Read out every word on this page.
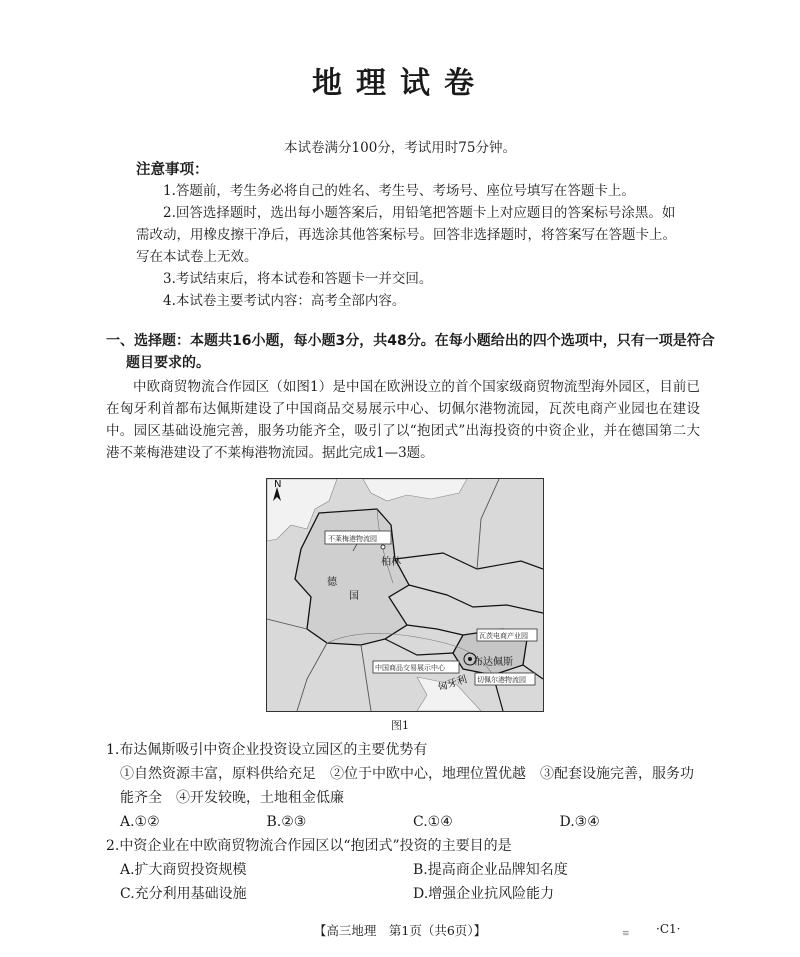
地理试卷
本试卷满分100分，考试用时75分钟。
注意事项：

1.答题前，考生务必将自己的姓名、考生号、考场号、座位号填写在答题卡上。

2.回答选择题时，选出每小题答案后，用铅笔把答题卡上对应题目的答案标号涂黑。如需改动，用橡皮擦干净后，再选涂其他答案标号。回答非选择题时，将答案写在答题卡上。写在本试卷上无效。

3.考试结束后，将本试卷和答题卡一并交回。

4.本试卷主要考试内容：高考全部内容。

一、选择题：本题共16小题，每小题3分，共48分。在每小题给出的四个选项中，只有一项是符合题目要求的。
中欧商贸物流合作园区（如图1）是中国在欧洲设立的首个国家级商贸物流型海外园区，目前已在匈牙利首都布达佩斯建设了中国商品交易展示中心、切佩尔港物流园，瓦茨电商产业园也在建设中。园区基础设施完善，服务功能齐全，吸引了以“抱团式”出海投资的中资企业，并在德国第二大港不莱梅港建设了不莱梅港物流园。据此完成1—3题。
N
不莱梅港物流园
柏林
德
国
瓦茨电商产业园
中国商品交易展示中心	布达佩斯
切佩尔港物流园
匈牙利
图1

1.布达佩斯吸引中资企业投资设立园区的主要优势有

①自然资源丰富，原料供给充足　②位于中欧中心，地理位置优越　③配套设施完善，服务功能齐全　④开发较晚，土地租金低廉

A.①②	B.②③	C.①④	D.③④

2.中资企业在中欧商贸物流合作园区以“抱团式”投资的主要目的是

A.扩大商贸投资规模	B.提高商企业品牌知名度
C.充分利用基础设施	D.增强企业抗风险能力
【高三地理　第1页（共6页）】	≡ ·C1·
